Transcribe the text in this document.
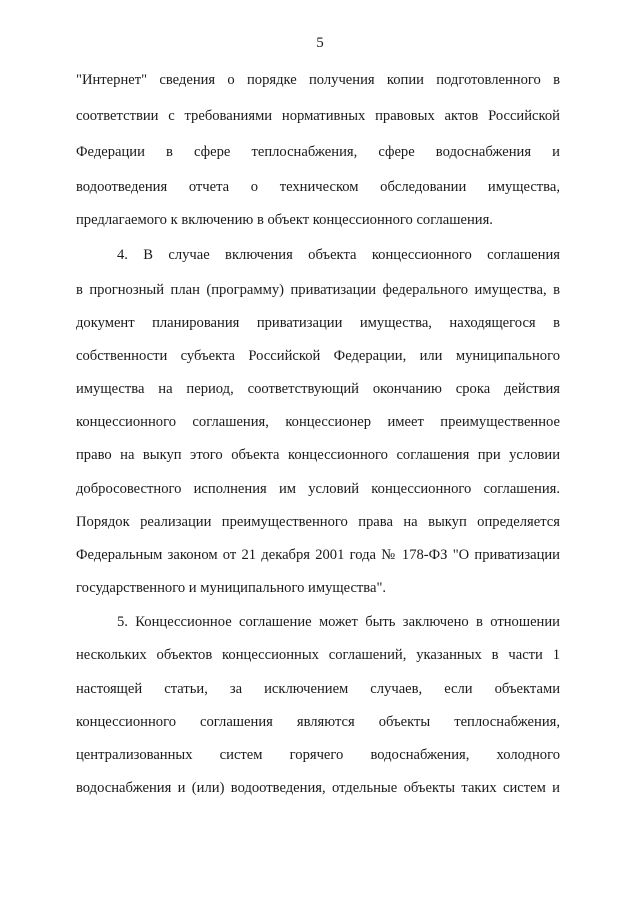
5
"Интернет" сведения о порядке получения копии подготовленного в
соответствии с требованиями нормативных правовых актов Российской
Федерации в сфере теплоснабжения, сфере водоснабжения и
водоотведения отчета о техническом обследовании имущества,
предлагаемого к включению в объект концессионного соглашения.
4. В случае включения объекта концессионного соглашения
в прогнозный план (программу) приватизации федерального имущества, в
документ планирования приватизации имущества, находящегося в
собственности субъекта Российской Федерации, или муниципального
имущества на период, соответствующий окончанию срока действия
концессионного соглашения, концессионер имеет преимущественное
право на выкуп этого объекта концессионного соглашения при условии
добросовестного исполнения им условий концессионного соглашения.
Порядок реализации преимущественного права на выкуп определяется
Федеральным законом от 21 декабря 2001 года № 178-ФЗ "О приватизации
государственного и муниципального имущества".
5. Концессионное соглашение может быть заключено в отношении
нескольких объектов концессионных соглашений, указанных в части 1
настоящей статьи, за исключением случаев, если объектами
концессионного соглашения являются объекты теплоснабжения,
централизованных систем горячего водоснабжения, холодного
водоснабжения и (или) водоотведения, отдельные объекты таких систем и
